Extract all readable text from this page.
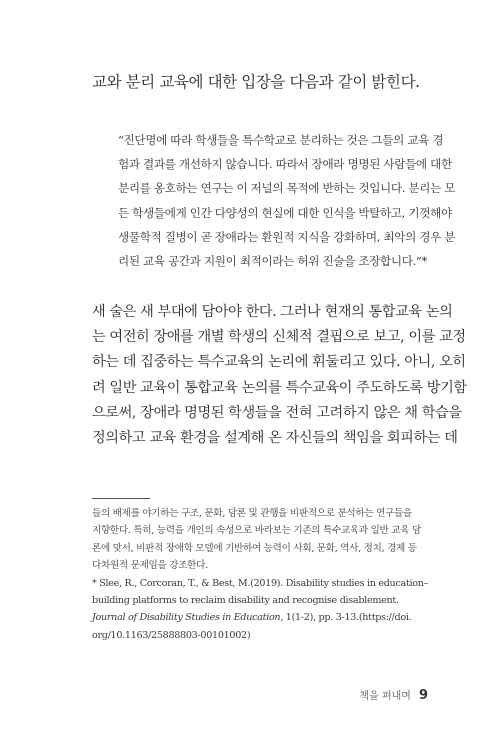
교와 분리 교육에 대한 입장을 다음과 같이 밝힌다.

“진단명에 따라 학생들을 특수학교로 분리하는 것은 그들의 교육 경
험과 결과를 개선하지 않습니다. 따라서 장애라 명명된 사람들에 대한
분리를 옹호하는 연구는 이 저널의 목적에 반하는 것입니다. 분리는 모
든 학생들에게 인간 다양성의 현실에 대한 인식을 박탈하고, 기껏해야
생물학적 질병이 곧 장애라는 환원적 지식을 강화하며, 최악의 경우 분
리된 교육 공간과 지원이 최적이라는 허위 진술을 조장합니다.”*
새 술은 새 부대에 담아야 한다. 그러나 현재의 통합교육 논의
는 여전히 장애를 개별 학생의 신체적 결핍으로 보고, 이를 교정
하는 데 집중하는 특수교육의 논리에 휘둘리고 있다. 아니, 오히
려 일반 교육이 통합교육 논의를 특수교육이 주도하도록 방기함
으로써, 장애라 명명된 학생들을 전혀 고려하지 않은 채 학습을
정의하고 교육 환경을 설계해 온 자신들의 책임을 회피하는 데
들의 배제를 야기하는 구조, 문화, 담론 및 관행을 비판적으로 분석하는 연구들을
지향한다. 특히, 능력을 개인의 속성으로 바라보는 기존의 특수교육과 일반 교육 담
론에 맞서, 비판적 장애학 모델에 기반하여 능력이 사회, 문화, 역사, 정치, 경제 등
다차원적 문제임을 강조한다.
* Slee, R., Corcoran, T., & Best, M.(2019). Disability studies in education–
building platforms to reclaim disability and recognise disablement.
Journal of Disability Studies in Education, 1(1-2), pp. 3-13.(https://doi.
org/10.1163/25888803-00101002)
책을 펴내며 9
